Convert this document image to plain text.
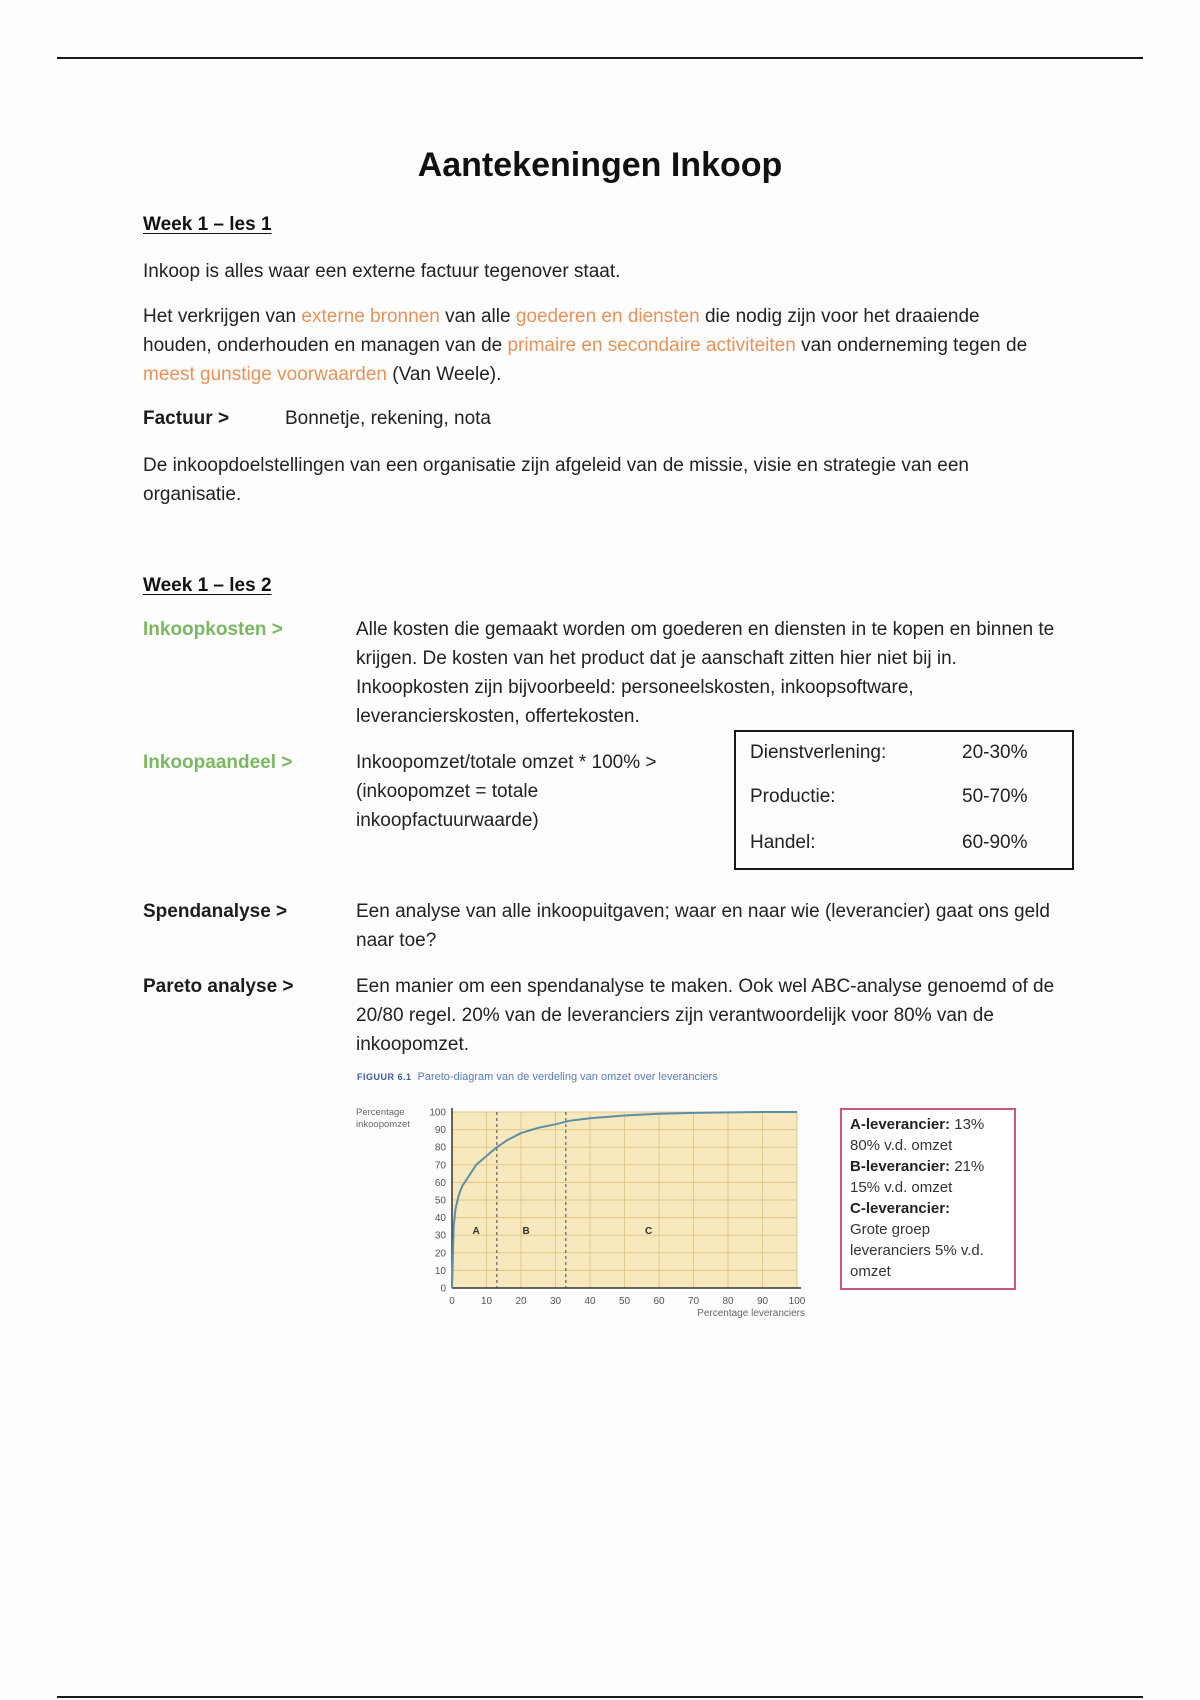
Aantekeningen Inkoop
Week 1 – les 1
Inkoop is alles waar een externe factuur tegenover staat.
Het verkrijgen van externe bronnen van alle goederen en diensten die nodig zijn voor het draaiende houden, onderhouden en managen van de primaire en secondaire activiteiten van onderneming tegen de meest gunstige voorwaarden (Van Weele).
Factuur >	Bonnetje, rekening, nota
De inkoopdoelstellingen van een organisatie zijn afgeleid van de missie, visie en strategie van een organisatie.
Week 1 – les 2
Inkoopkosten >	Alle kosten die gemaakt worden om goederen en diensten in te kopen en binnen te krijgen. De kosten van het product dat je aanschaft zitten hier niet bij in. Inkoopkosten zijn bijvoorbeeld: personeelskosten, inkoopsoftware, leverancierskosten, offertekosten.
Inkoopaandeel >	Inkoopomzet/totale omzet * 100% > (inkoopomzet = totale inkoopfactuurwaarde)
Dienstverlening:	20-30%
Productie:	50-70%
Handel:	60-90%
Spendanalyse >	Een analyse van alle inkoopuitgaven; waar en naar wie (leverancier) gaat ons geld naar toe?
Pareto analyse >	Een manier om een spendanalyse te maken. Ook wel ABC-analyse genoemd of de 20/80 regel. 20% van de leveranciers zijn verantwoordelijk voor 80% van de inkoopomzet.
FIGUUR 6.1 Pareto-diagram van de verdeling van omzet over leveranciers
0	10 20 30 40 50 60 70 80 90 100
0
10
20
30
40
50
60
70
80
90
100
Percentage
inkoopomzet
Percentage leveranciers
A	B	C
A-leverancier: 13%
80% v.d. omzet
B-leverancier: 21%
15% v.d. omzet
C-leverancier:
Grote groep leveranciers 5% v.d. omzet
